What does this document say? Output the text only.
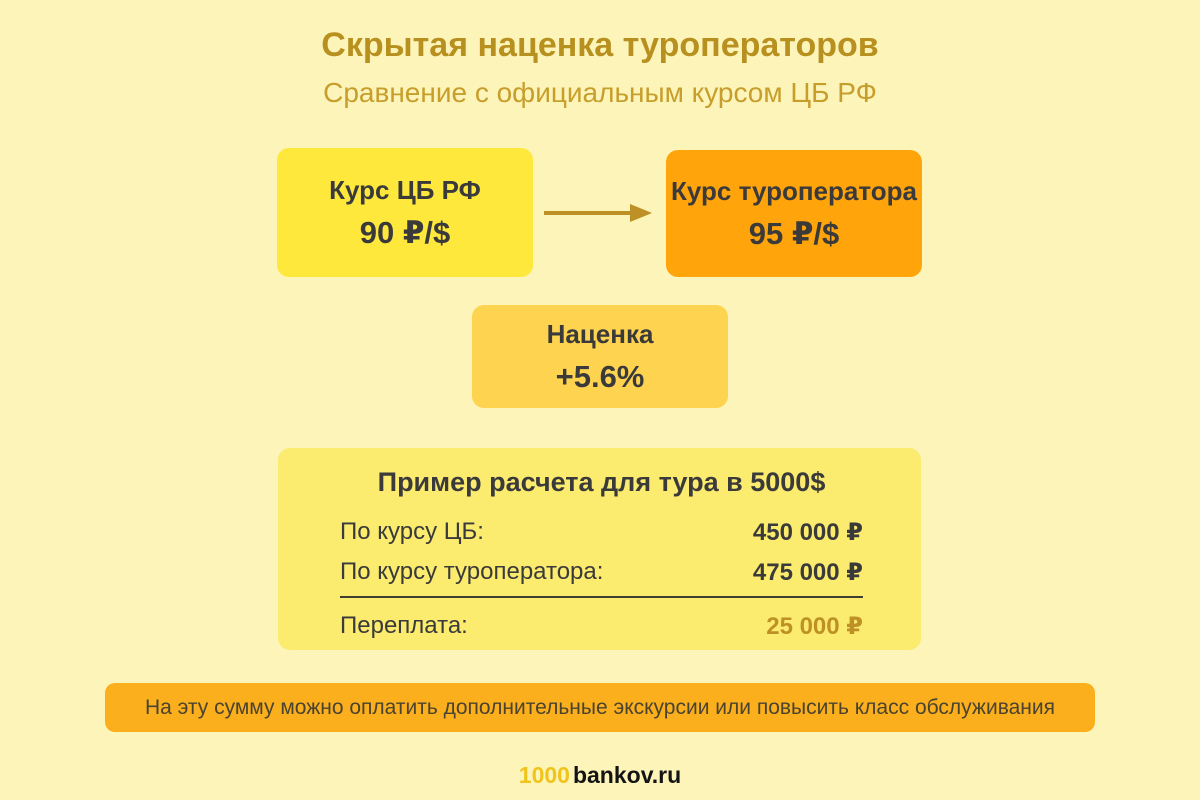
Скрытая наценка туроператоров
Сравнение с официальным курсом ЦБ РФ
Курс ЦБ РФ
90 ₽/$
Курс туроператора
95 ₽/$
Наценка
+5.6%
Пример расчета для тура в 5000$
По курсу ЦБ:	450 000 ₽
По курсу туроператора:	475 000 ₽
Переплата:	25 000 ₽
На эту сумму можно оплатить дополнительные экскурсии или повысить класс обслуживания
1000 bankov.ru
